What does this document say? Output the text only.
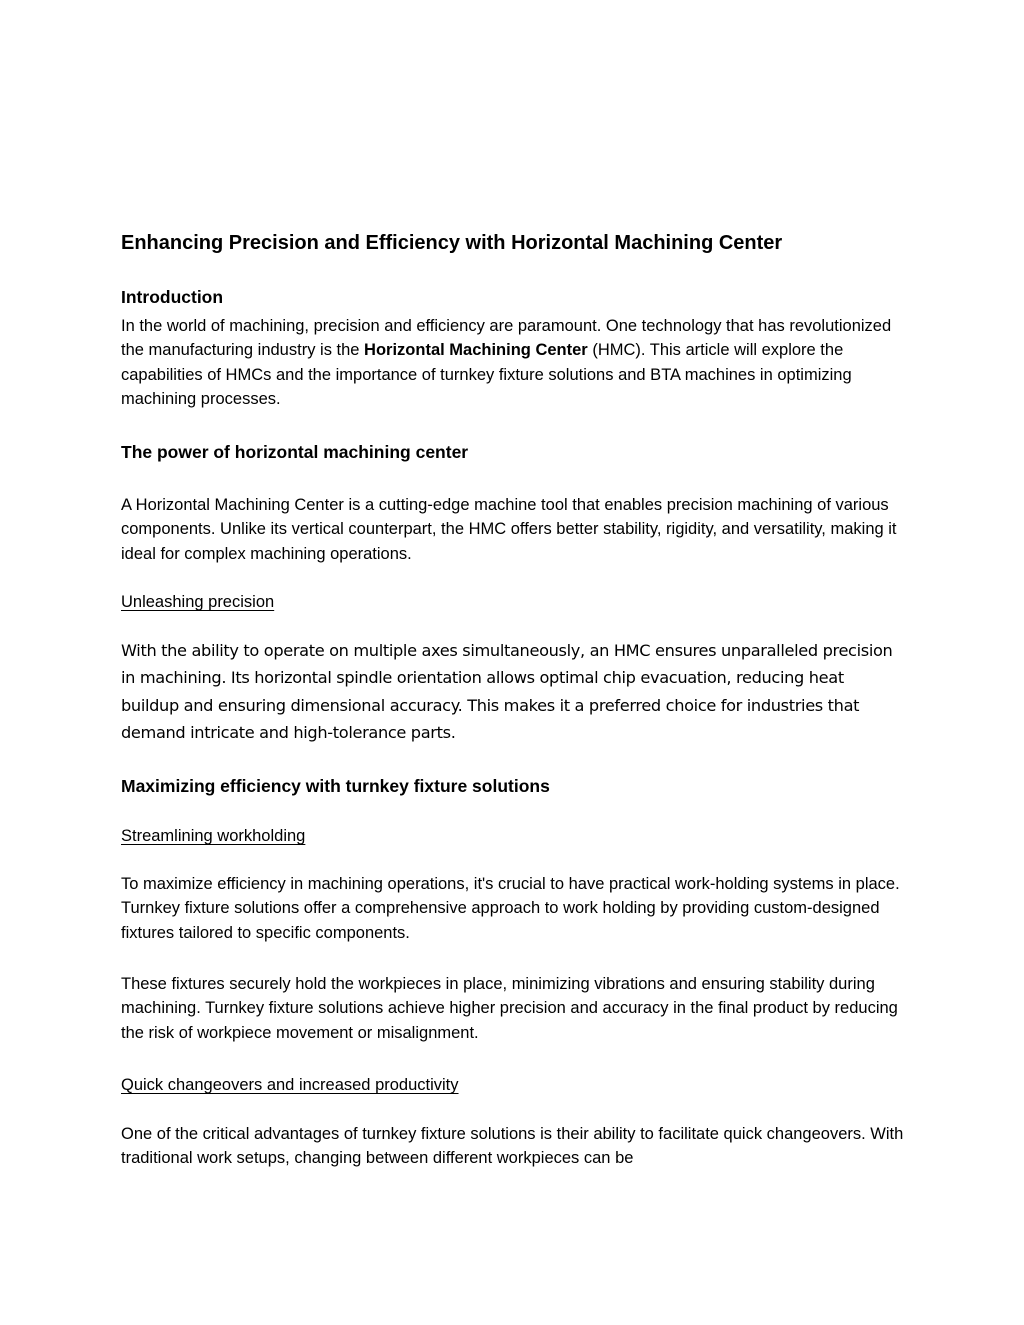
Enhancing Precision and Efficiency with Horizontal Machining Center
Introduction

In the world of machining, precision and efficiency are paramount. One technology that has revolutionized the manufacturing industry is the Horizontal Machining Center (HMC). This article will explore the capabilities of HMCs and the importance of turnkey fixture solutions and BTA machines in optimizing machining processes.

The power of horizontal machining center

A Horizontal Machining Center is a cutting-edge machine tool that enables precision machining of various components. Unlike its vertical counterpart, the HMC offers better stability, rigidity, and versatility, making it ideal for complex machining operations.

Unleashing precision

With the ability to operate on multiple axes simultaneously, an HMC ensures unparalleled precision in machining. Its horizontal spindle orientation allows optimal chip evacuation, reducing heat buildup and ensuring dimensional accuracy. This makes it a preferred choice for industries that demand intricate and high-tolerance parts.

Maximizing efficiency with turnkey fixture solutions
Streamlining workholding

To maximize efficiency in machining operations, it's crucial to have practical work-holding systems in place. Turnkey fixture solutions offer a comprehensive approach to work holding by providing custom-designed fixtures tailored to specific components.

These fixtures securely hold the workpieces in place, minimizing vibrations and ensuring stability during machining. Turnkey fixture solutions achieve higher precision and accuracy in the final product by reducing the risk of workpiece movement or misalignment.

Quick changeovers and increased productivity

One of the critical advantages of turnkey fixture solutions is their ability to facilitate quick changeovers. With traditional work setups, changing between different workpieces can be
